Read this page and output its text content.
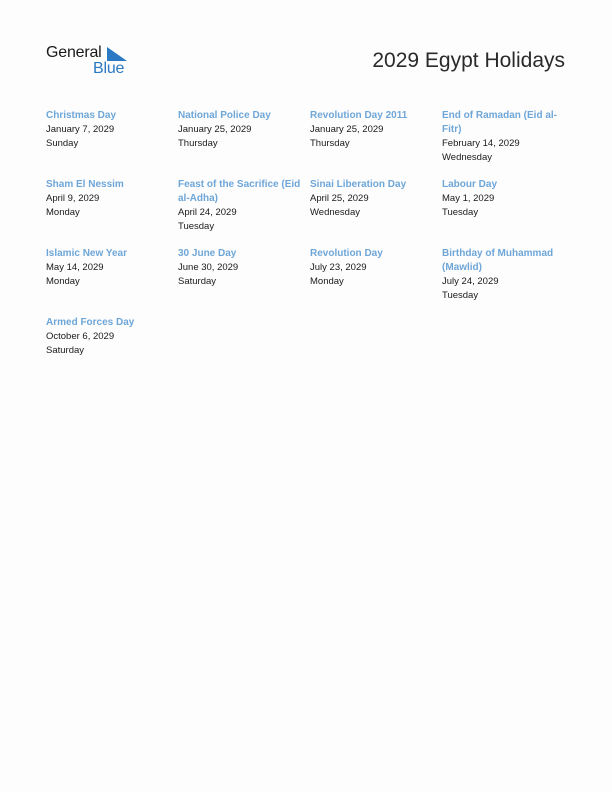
General
Blue	2029 Egypt Holidays
Christmas Day
January 7, 2029
Sunday
National Police Day
January 25, 2029
Thursday
Revolution Day 2011
January 25, 2029
Thursday
End of Ramadan (Eid al-Fitr)
February 14, 2029
Wednesday
Sham El Nessim
April 9, 2029
Monday
Feast of the Sacrifice (Eid al-Adha)
April 24, 2029
Tuesday
Sinai Liberation Day
April 25, 2029
Wednesday
Labour Day
May 1, 2029
Tuesday
Islamic New Year
May 14, 2029
Monday
30 June Day
June 30, 2029
Saturday
Revolution Day
July 23, 2029
Monday
Birthday of Muhammad (Mawlid)
July 24, 2029
Tuesday
Armed Forces Day
October 6, 2029
Saturday
